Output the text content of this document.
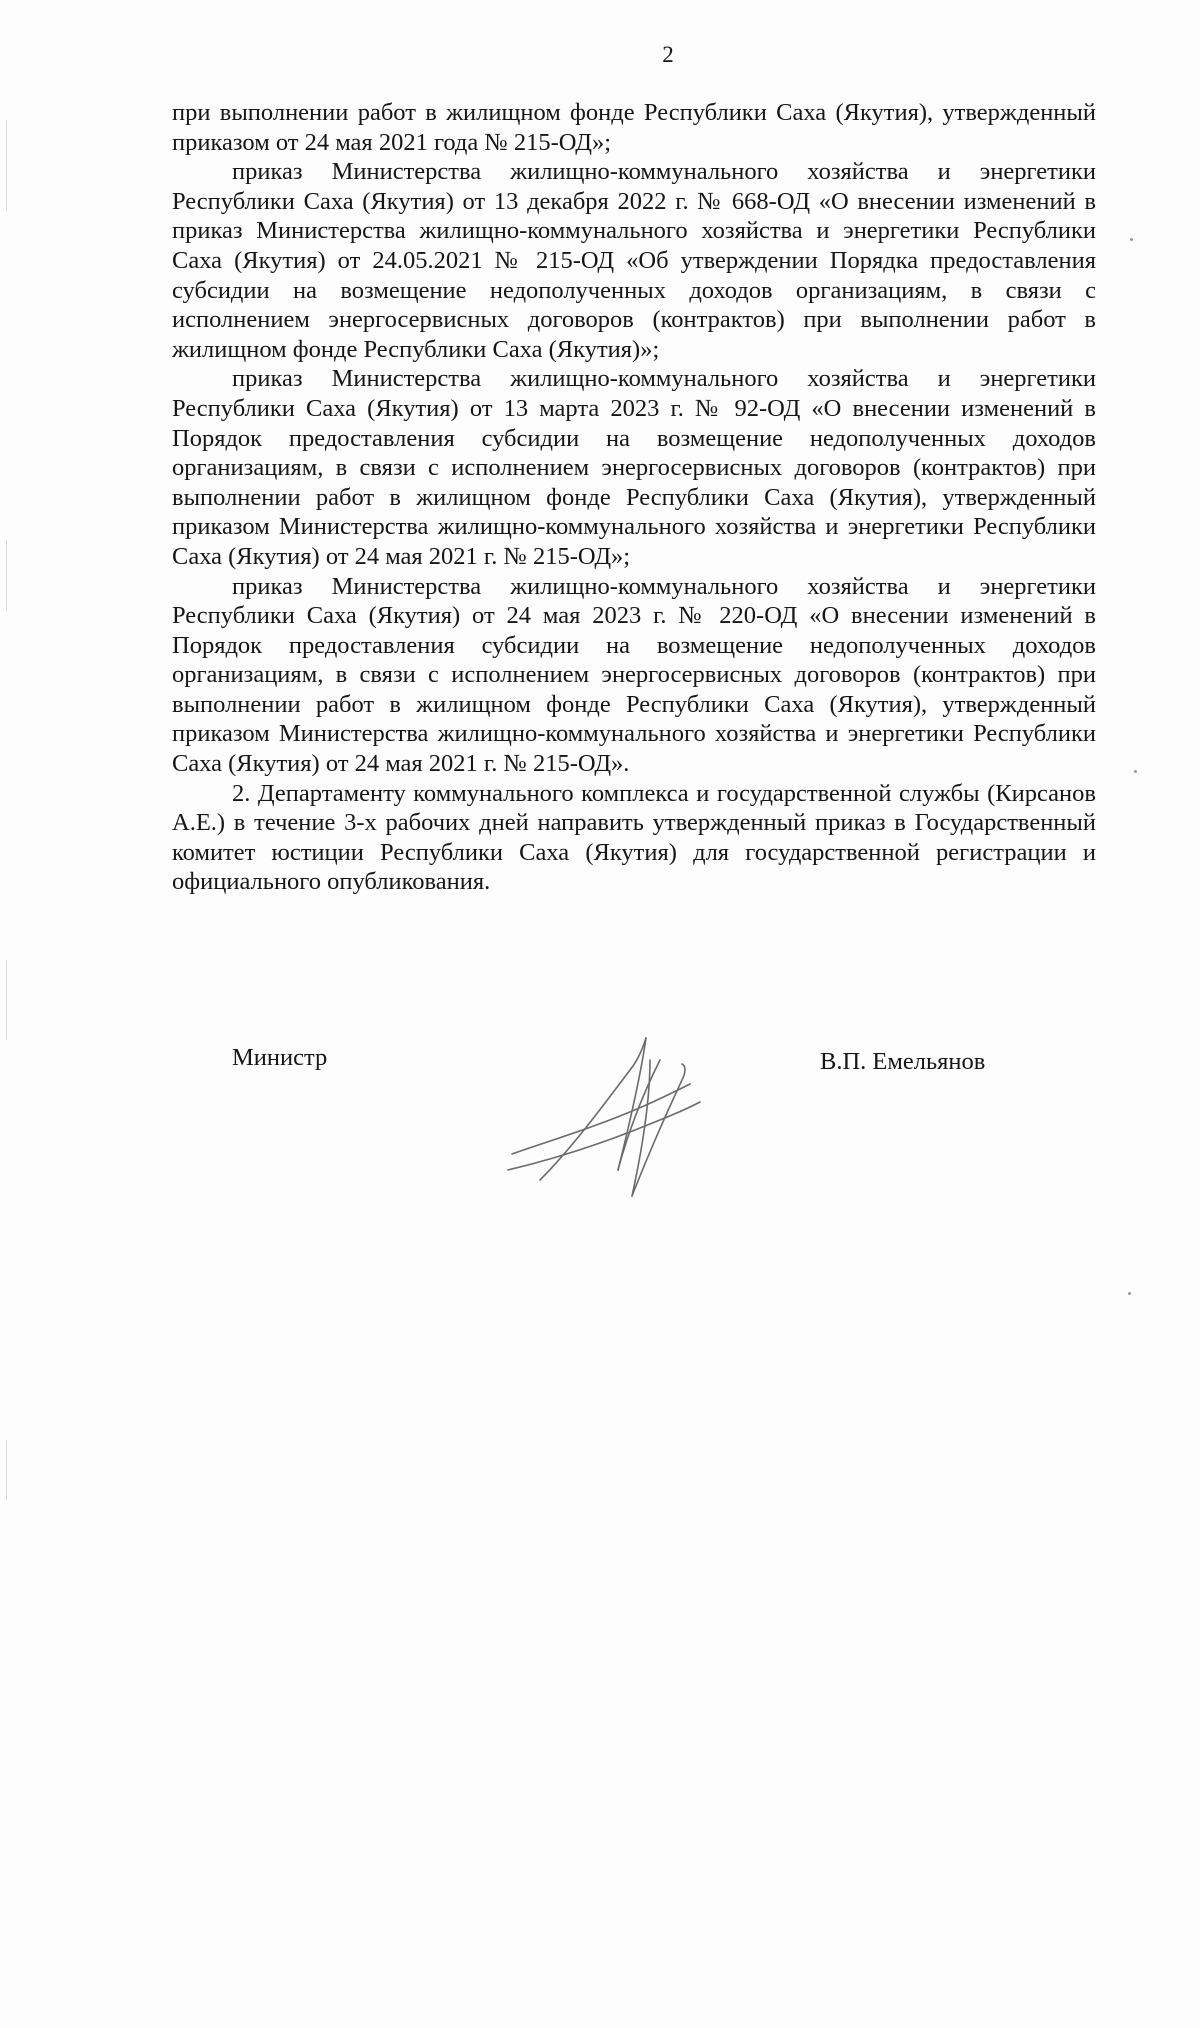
2

при выполнении работ в жилищном фонде Республики Саха (Якутия), утвержденный приказом от 24 мая 2021 года № 215-ОД»;

приказ Министерства жилищно-коммунального хозяйства и энергетики Республики Саха (Якутия) от 13 декабря 2022 г. № 668-ОД «О внесении изменений в приказ Министерства жилищно-коммунального хозяйства и энергетики Республики Саха (Якутия) от 24.05.2021 № 215-ОД «Об утверждении Порядка предоставления субсидии на возмещение недополученных доходов организациям, в связи с исполнением энергосервисных договоров (контрактов) при выполнении работ в жилищном фонде Республики Саха (Якутия)»;

приказ Министерства жилищно-коммунального хозяйства и энергетики Республики Саха (Якутия) от 13 марта 2023 г. № 92-ОД «О внесении изменений в Порядок предоставления субсидии на возмещение недополученных доходов организациям, в связи с исполнением энергосервисных договоров (контрактов) при выполнении работ в жилищном фонде Республики Саха (Якутия), утвержденный приказом Министерства жилищно-коммунального хозяйства и энергетики Республики Саха (Якутия) от 24 мая 2021 г. № 215-ОД»;

приказ Министерства жилищно-коммунального хозяйства и энергетики Республики Саха (Якутия) от 24 мая 2023 г. № 220-ОД «О внесении изменений в Порядок предоставления субсидии на возмещение недополученных доходов организациям, в связи с исполнением энергосервисных договоров (контрактов) при выполнении работ в жилищном фонде Республики Саха (Якутия), утвержденный приказом Министерства жилищно-коммунального хозяйства и энергетики Республики Саха (Якутия) от 24 мая 2021 г. № 215-ОД».

2. Департаменту коммунального комплекса и государственной службы (Кирсанов А.Е.) в течение 3-х рабочих дней направить утвержденный приказ в Государственный комитет юстиции Республики Саха (Якутия) для государственной регистрации и официального опубликования.

Министр	В.П. Емельянов
